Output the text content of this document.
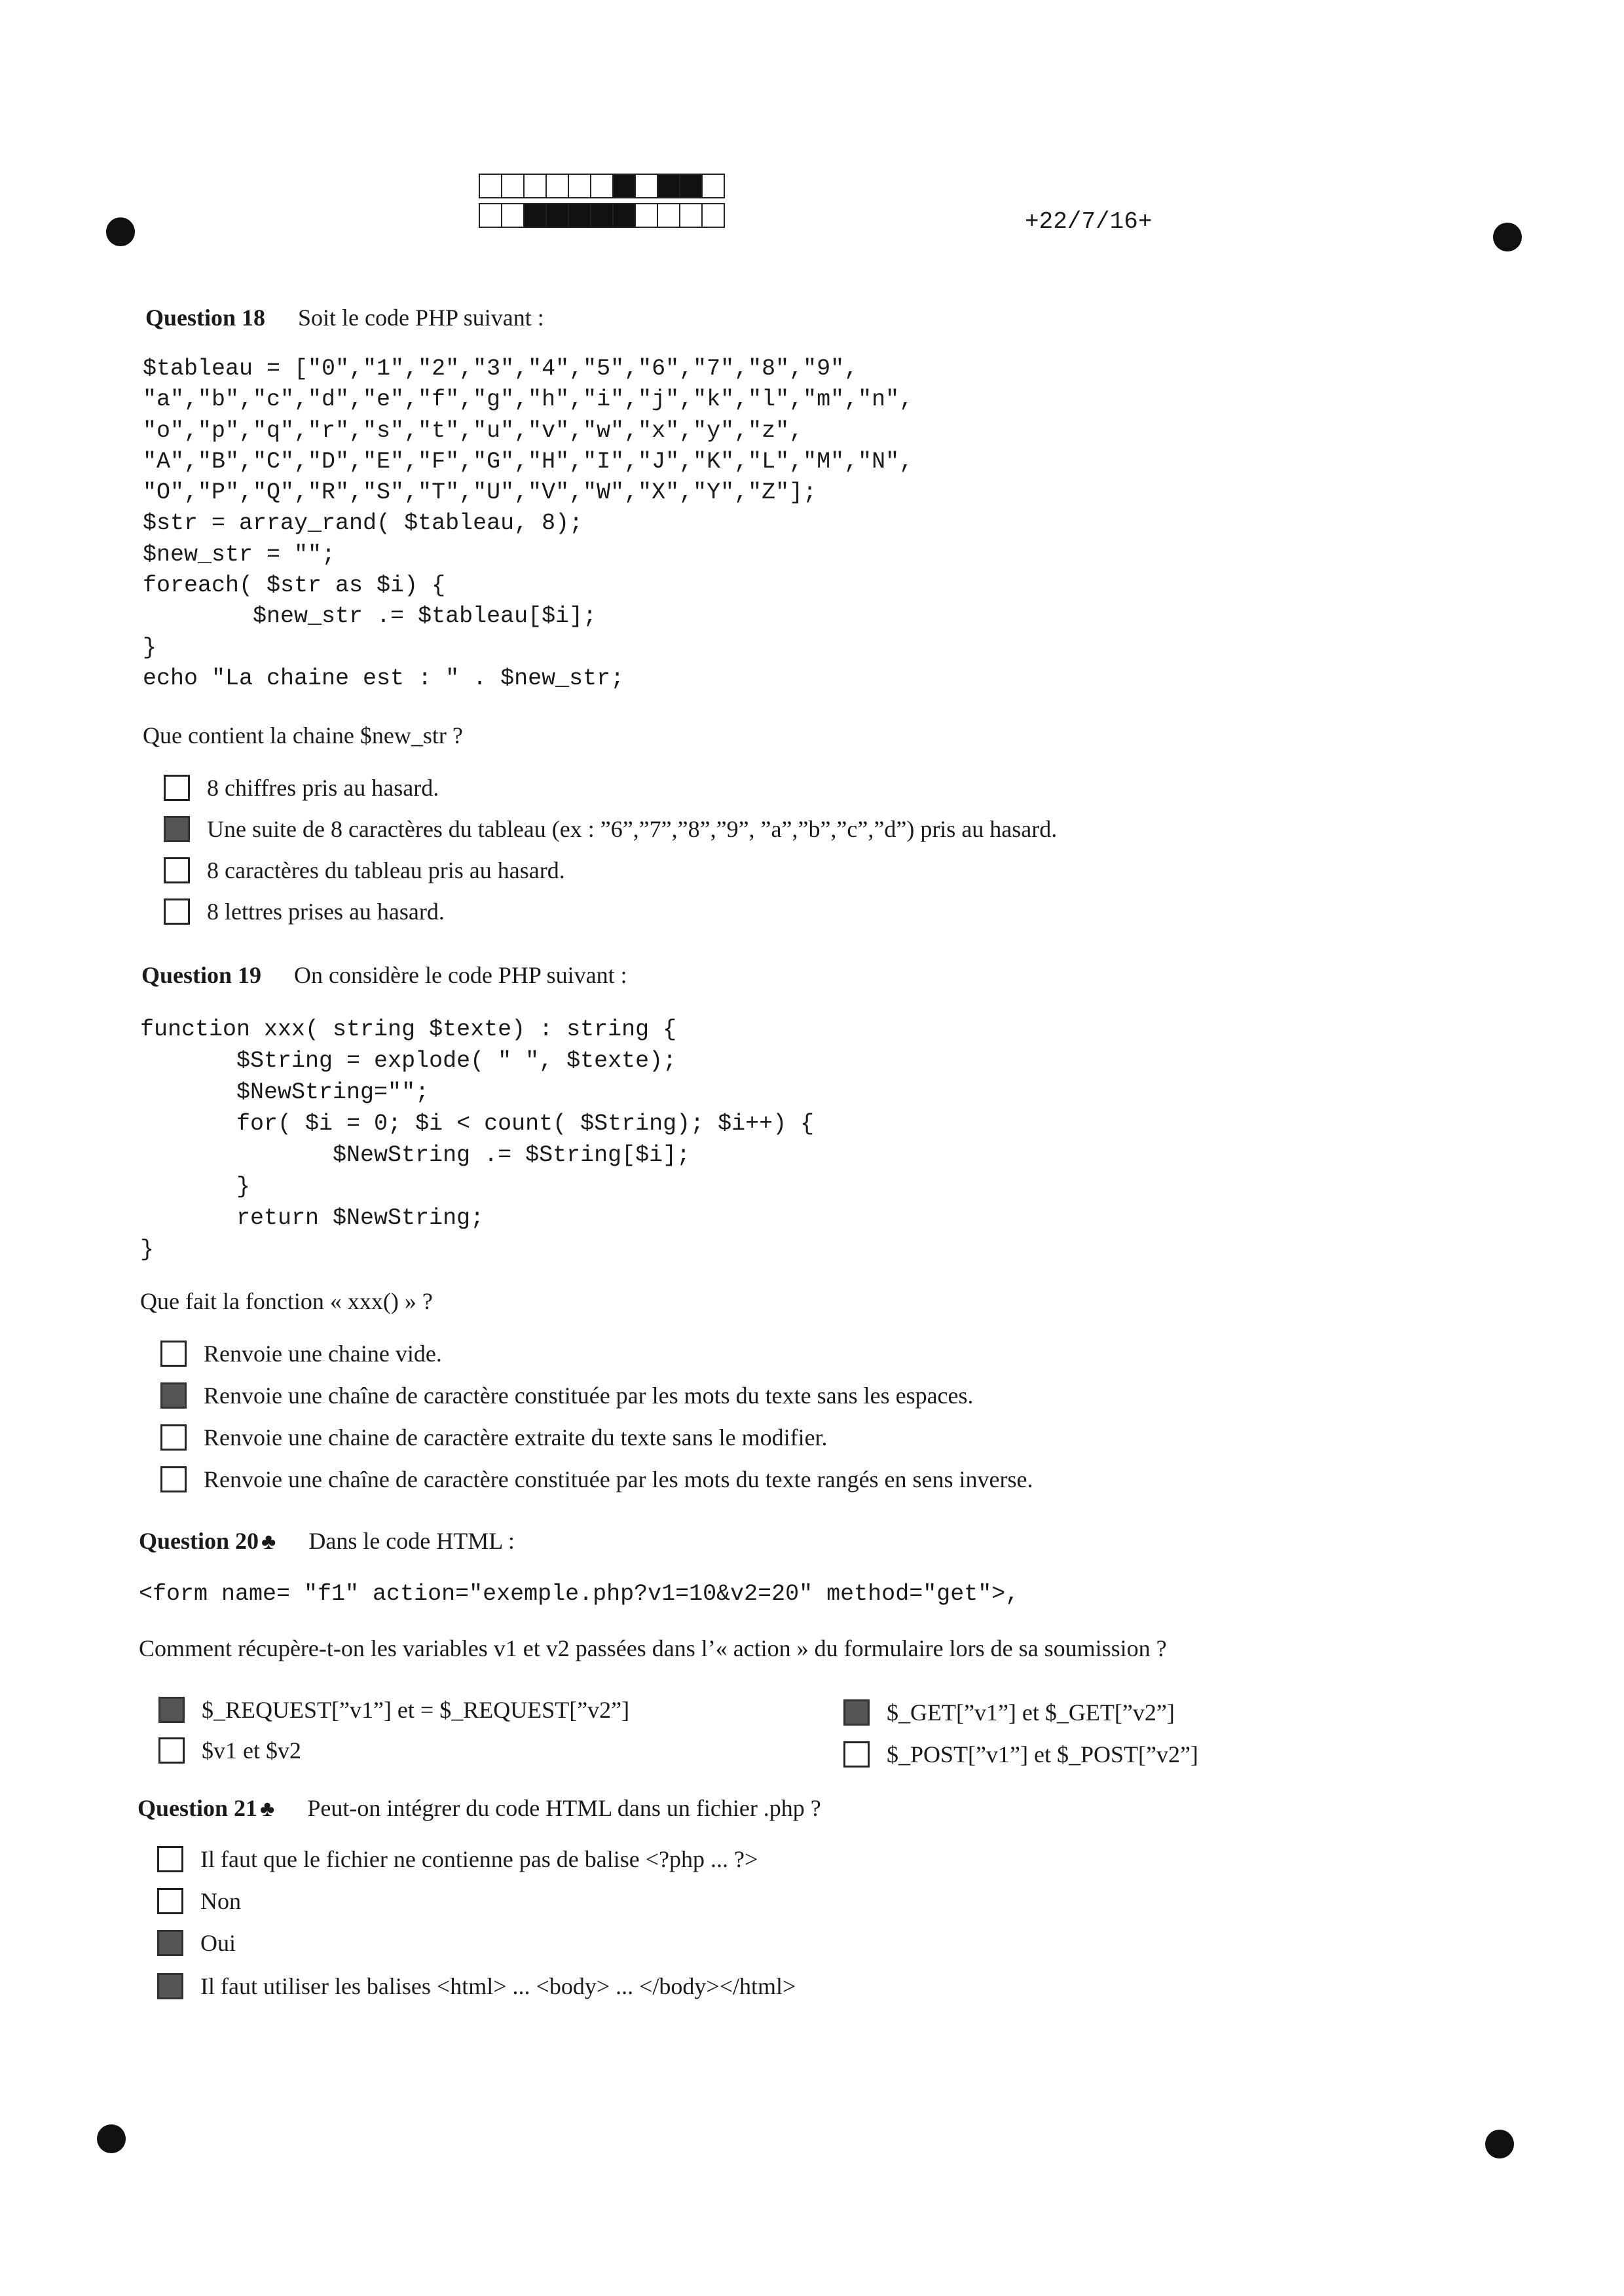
+22/7/16+
Question 18 Soit le code PHP suivant :
$tableau = ["0","1","2","3","4","5","6","7","8","9",
"a","b","c","d","e","f","g","h","i","j","k","l","m","n",
"o","p","q","r","s","t","u","v","w","x","y","z",
"A","B","C","D","E","F","G","H","I","J","K","L","M","N",
"O","P","Q","R","S","T","U","V","W","X","Y","Z"];
$str = array_rand( $tableau, 8);
$new_str = "";
foreach( $str as $i) {
$new_str .= $tableau[$i];
}
echo "La chaine est : " . $new_str;
Que contient la chaine $new_str ?
8 chiffres pris au hasard.
Une suite de 8 caractères du tableau (ex : ”6”,”7”,”8”,”9”, ”a”,”b”,”c”,”d”) pris au hasard.
8 caractères du tableau pris au hasard.
8 lettres prises au hasard.
Question 19 On considère le code PHP suivant :
function xxx( string $texte) : string {
$String = explode( " ", $texte);
$NewString="";
for( $i = 0; $i < count( $String); $i++) {
$NewString .= $String[$i];
}
return $NewString;
}
Que fait la fonction « xxx() » ?
Renvoie une chaine vide.
Renvoie une chaîne de caractère constituée par les mots du texte sans les espaces.
Renvoie une chaine de caractère extraite du texte sans le modifier.
Renvoie une chaîne de caractère constituée par les mots du texte rangés en sens inverse.
Question 20 ♣ Dans le code HTML :
<form name= "f1" action="exemple.php?v1=10&v2=20" method="get">,
Comment récupère-t-on les variables v1 et v2 passées dans l’« action » du formulaire lors de sa soumission ?
$_REQUEST[”v1”] et = $_REQUEST[”v2”]	$_GET[”v1”] et $_GET[”v2”]
$v1 et $v2	$_POST[”v1”] et $_POST[”v2”]
Question 21 ♣ Peut-on intégrer du code HTML dans un fichier .php ?
Il faut que le fichier ne contienne pas de balise <?php ... ?>
Non
Oui
Il faut utiliser les balises <html> ... <body> ... </body></html>
